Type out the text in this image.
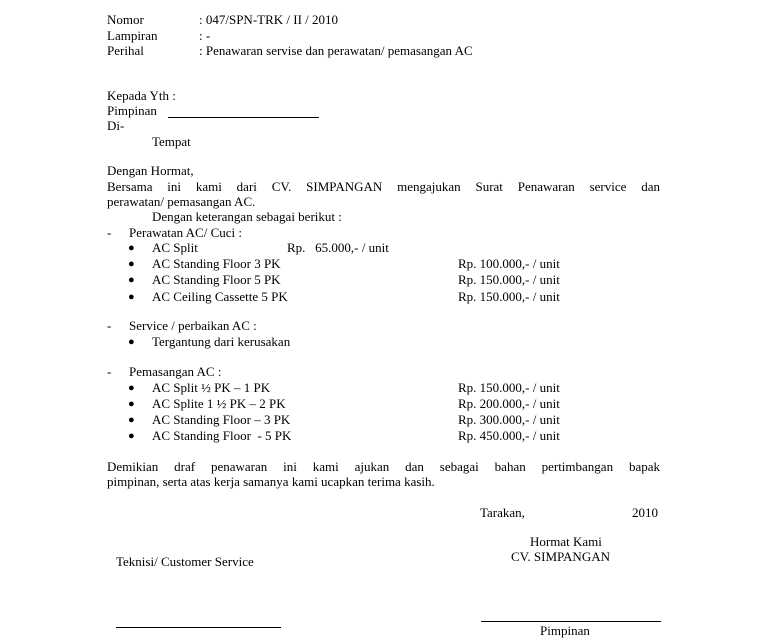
Nomor	: 047/SPN-TRK / II / 2010
Lampiran	: -
Perihal	: Penawaran servise dan perawatan/ pemasangan AC
Kepada Yth :
Pimpinan
Di-
Tempat
Dengan Hormat,
Bersama ini kami dari CV. SIMPANGAN mengajukan Surat Penawaran service dan
perawatan/ pemasangan AC.
Dengan keterangan sebagai berikut :
- Perawatan AC/ Cuci :
● AC Split	Rp.   65.000,- / unit
● AC Standing Floor 3 PK	Rp. 100.000,- / unit
● AC Standing Floor 5 PK	Rp. 150.000,- / unit
● AC Ceiling Cassette 5 PK	Rp. 150.000,- / unit
- Service / perbaikan AC :
● Tergantung dari kerusakan
- Pemasangan AC :
● AC Split ½ PK – 1 PK	Rp. 150.000,- / unit
● AC Splite 1 ½ PK – 2 PK	Rp. 200.000,- / unit
● AC Standing Floor – 3 PK	Rp. 300.000,- / unit
● AC Standing Floor  - 5 PK	Rp. 450.000,- / unit
Demikian draf penawaran ini kami ajukan dan sebagai bahan pertimbangan bapak
pimpinan, serta atas kerja samanya kami ucapkan terima kasih.
Tarakan,	2010
Hormat Kami
CV. SIMPANGAN
Teknisi/ Customer Service
Pimpinan
